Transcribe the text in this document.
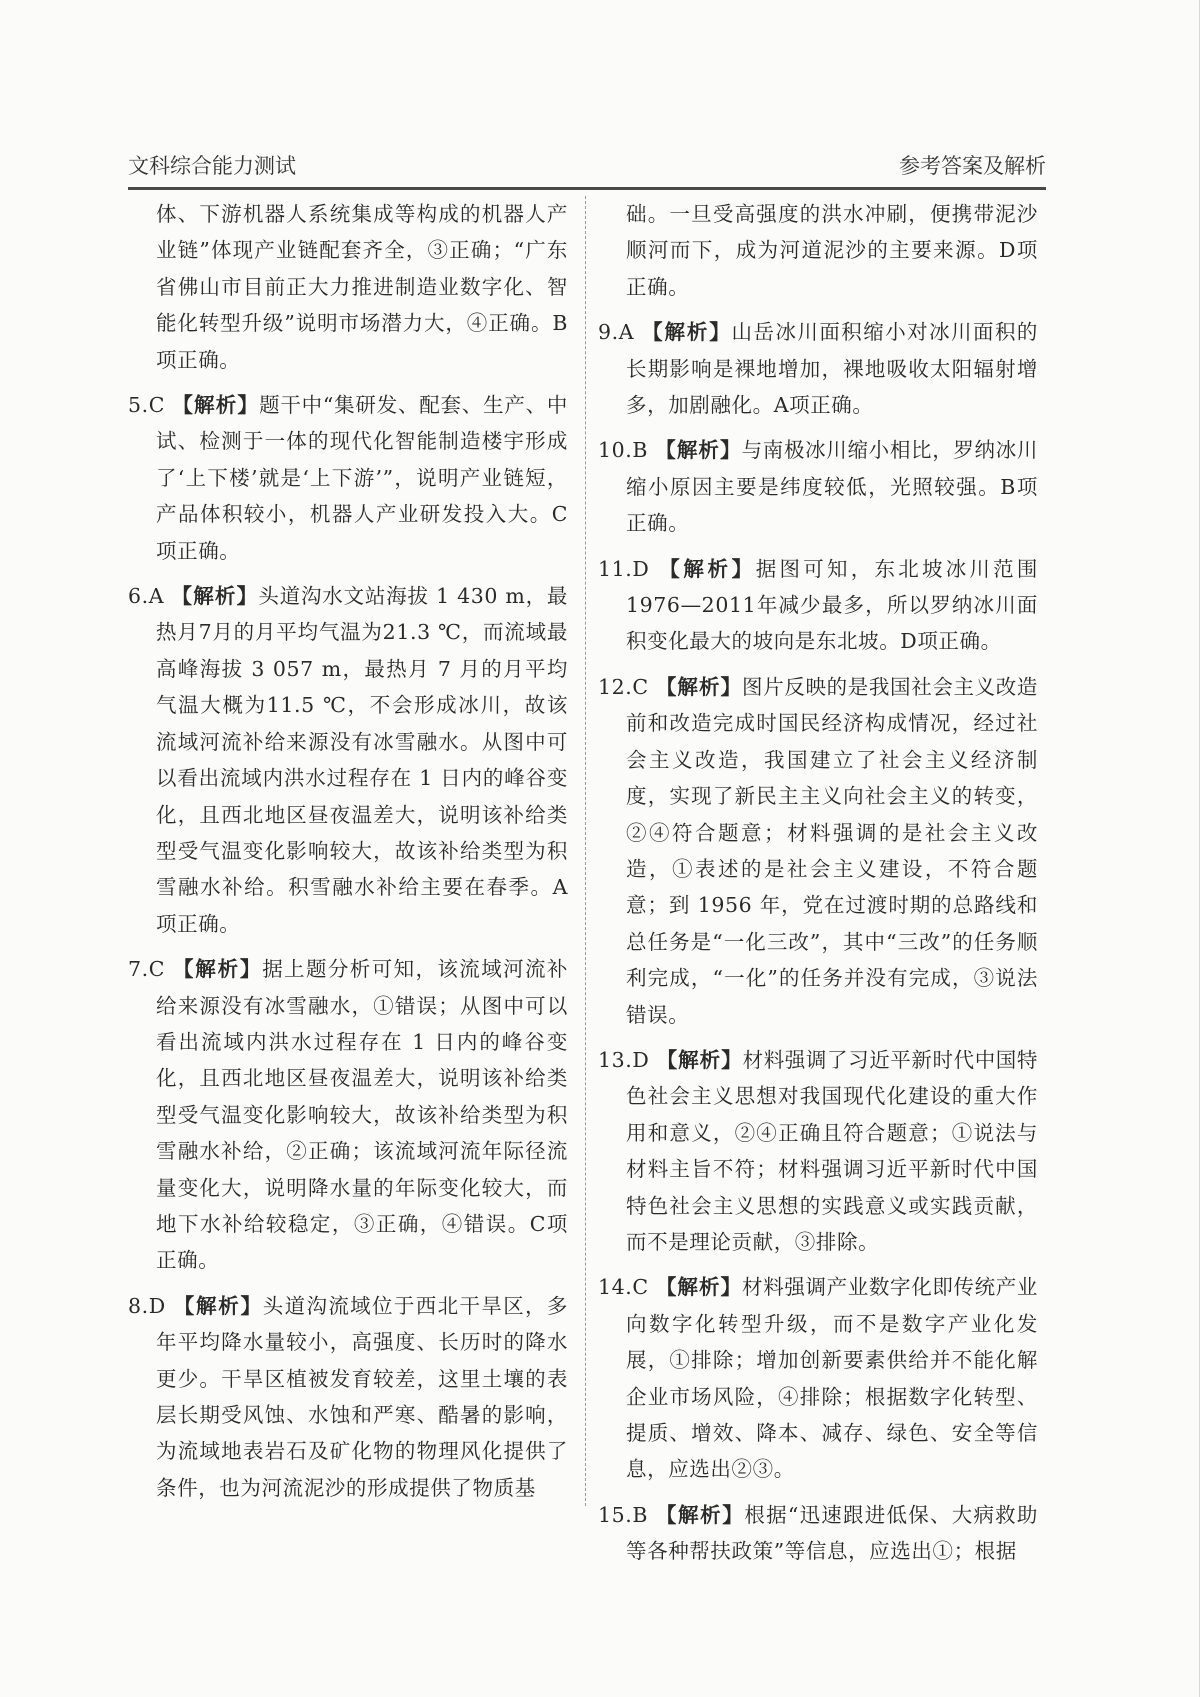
文科综合能力测试	参考答案及解析

体、下游机器人系统集成等构成的机器人产业链”体现产业链配套齐全，③正确；“广东省佛山市目前正大力推进制造业数字化、智能化转型升级”说明市场潜力大，④正确。B项正确。

5.C 【解析】题干中“集研发、配套、生产、中试、检测于一体的现代化智能制造楼宇形成了‘上下楼’就是‘上下游’”，说明产业链短，产品体积较小，机器人产业研发投入大。C项正确。

6.A 【解析】头道沟水文站海拔 1 430 m，最热月7月的月平均气温为21.3 ℃，而流域最高峰海拔 3 057 m，最热月 7 月的月平均气温大概为11.5 ℃，不会形成冰川，故该流域河流补给来源没有冰雪融水。从图中可以看出流域内洪水过程存在 1 日内的峰谷变化，且西北地区昼夜温差大，说明该补给类型受气温变化影响较大，故该补给类型为积雪融水补给。积雪融水补给主要在春季。A项正确。

7.C 【解析】据上题分析可知，该流域河流补给来源没有冰雪融水，①错误；从图中可以看出流域内洪水过程存在 1 日内的峰谷变化，且西北地区昼夜温差大，说明该补给类型受气温变化影响较大，故该补给类型为积雪融水补给，②正确；该流域河流年际径流量变化大，说明降水量的年际变化较大，而地下水补给较稳定，③正确，④错误。C项正确。

8.D 【解析】头道沟流域位于西北干旱区，多年平均降水量较小，高强度、长历时的降水更少。干旱区植被发育较差，这里土壤的表层长期受风蚀、水蚀和严寒、酷暑的影响，为流域地表岩石及矿化物的物理风化提供了条件，也为河流泥沙的形成提供了物质基

础。一旦受高强度的洪水冲刷，便携带泥沙顺河而下，成为河道泥沙的主要来源。D项正确。

9.A 【解析】山岳冰川面积缩小对冰川面积的长期影响是裸地增加，裸地吸收太阳辐射增多，加剧融化。A项正确。

10.B 【解析】与南极冰川缩小相比，罗纳冰川缩小原因主要是纬度较低，光照较强。B项正确。

11.D 【解析】据图可知，东北坡冰川范围1976—2011年减少最多，所以罗纳冰川面积变化最大的坡向是东北坡。D项正确。

12.C 【解析】图片反映的是我国社会主义改造前和改造完成时国民经济构成情况，经过社会主义改造，我国建立了社会主义经济制度，实现了新民主主义向社会主义的转变，②④符合题意；材料强调的是社会主义改造，①表述的是社会主义建设，不符合题意；到 1956 年，党在过渡时期的总路线和总任务是“一化三改”，其中“三改”的任务顺利完成，“一化”的任务并没有完成，③说法错误。

13.D 【解析】材料强调了习近平新时代中国特色社会主义思想对我国现代化建设的重大作用和意义，②④正确且符合题意；①说法与材料主旨不符；材料强调习近平新时代中国特色社会主义思想的实践意义或实践贡献，而不是理论贡献，③排除。

14.C 【解析】材料强调产业数字化即传统产业向数字化转型升级，而不是数字产业化发展，①排除；增加创新要素供给并不能化解企业市场风险，④排除；根据数字化转型、提质、增效、降本、减存、绿色、安全等信息，应选出②③。

15.B 【解析】根据“迅速跟进低保、大病救助等各种帮扶政策”等信息，应选出①；根据
